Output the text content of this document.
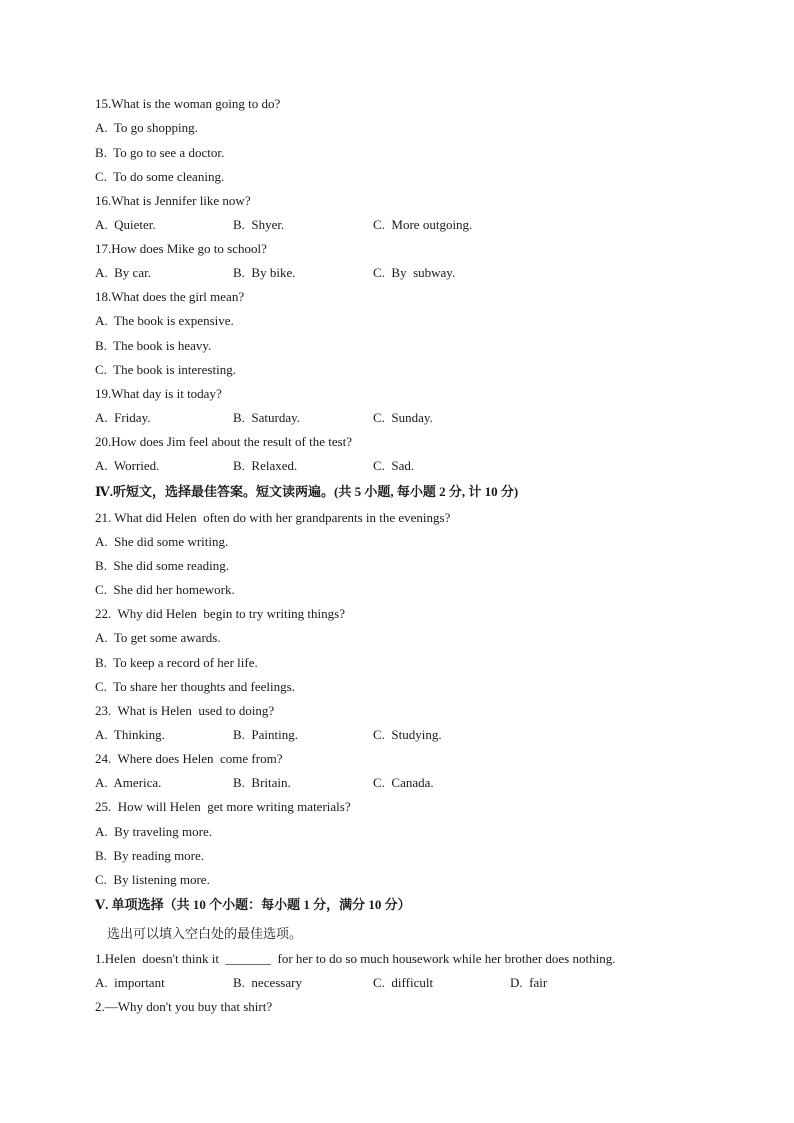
15.What is the woman going to do?
A.  To go shopping.
B.  To go to see a doctor.
C.  To do some cleaning.
16.What is Jennifer like now?
A.  Quieter.	B.  Shyer.	C.  More outgoing.
17.How does Mike go to school?
A.  By car.	B.  By bike.	C.  By  subway.
18.What does the girl mean?
A.  The book is expensive.
B.  The book is heavy.
C.  The book is interesting.
19.What day is it today?
A.  Friday.	B.  Saturday.	C.  Sunday.
20.How does Jim feel about the result of the test?
A.  Worried.	B.  Relaxed.	C.  Sad.
Ⅳ.听短文，选择最佳答案。短文读两遍。(共 5 小题, 每小题 2 分, 计 10 分)
21. What did Helen  often do with her grandparents in the evenings?
A.  She did some writing.
B.  She did some reading.
C.  She did her homework.
22.  Why did Helen  begin to try writing things?
A.  To get some awards.
B.  To keep a record of her life.
C.  To share her thoughts and feelings.
23.  What is Helen  used to doing?
A.  Thinking.	B.  Painting.	C.  Studying.
24.  Where does Helen  come from?
A.  America.	B.  Britain.	C.  Canada.
25.  How will Helen  get more writing materials?
A.  By traveling more.
B.  By reading more.
C.  By listening more.
Ⅴ. 单项选择（共 10 个小题：每小题 1 分，满分 10 分）
选出可以填入空白处的最佳选项。
1.Helen  doesn't think it  _______  for her to do so much housework while her brother does nothing.
A.  important	B.  necessary	C.  difficult	D.  fair
2.—Why don't you buy that shirt?
